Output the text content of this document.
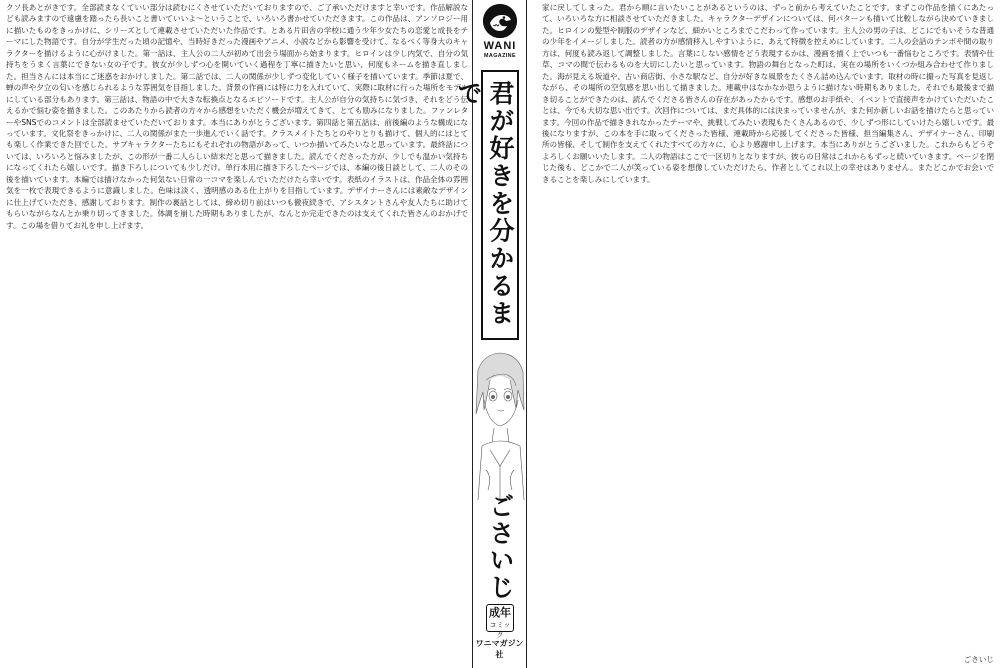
クソ長あとがきです。全部読まなくていい部分は読むにくさせていただいておりますので、ご了承いただけますと幸いです。作品解説なども読みますので遠慮を踏ったら長いこと書いていいよ〜ということで、いろいろ書かせていただきます。この作品は、アンソロジー用に描いたものをきっかけに、シリーズとして連載させていただいた作品です。とある片田舎の学校に通う少年少女たちの恋愛と成長をテーマにした物語です。自分が学生だった頃の記憶や、当時好きだった漫画やアニメ、小説などから影響を受けて、なるべく等身大のキャラクターを描けるように心がけました。第一話は、主人公の二人が初めて出会う場面から始まります。ヒロインは少し内気で、自分の気持ちをうまく言葉にできない女の子です。彼女が少しずつ心を開いていく過程を丁寧に描きたいと思い、何度もネームを描き直しました。担当さんには本当にご迷惑をおかけしました。第二話では、二人の関係が少しずつ変化していく様子を描いています。季節は夏で、蝉の声や夕立の匂いを感じられるような雰囲気を目指しました。背景の作画には特に力を入れていて、実際に取材に行った場所をモデルにしている部分もあります。第三話は、物語の中で大きな転換点となるエピソードです。主人公が自分の気持ちに気づき、それをどう伝えるかで悩む姿を描きました。このあたりから読者の方々から感想をいただく機会が増えてきて、とても励みになりました。ファンレターやSNSでのコメントは全部読ませていただいております。本当にありがとうございます。第四話と第五話は、前後編のような構成になっています。文化祭をきっかけに、二人の関係がまた一歩進んでいく話です。クラスメイトたちとのやりとりも描けて、個人的にはとても楽しく作業できた回でした。サブキャラクターたちにもそれぞれの物語があって、いつか描いてみたいなと思っています。最終話については、いろいろと悩みましたが、この形が一番二人らしい結末だと思って描きました。読んでくださった方が、少しでも温かい気持ちになってくれたら嬉しいです。描き下ろしについても少しだけ。単行本用に描き下ろしたページでは、本編の後日談として、二人のその後を描いています。本編では描けなかった何気ない日常の一コマを楽しんでいただけたら幸いです。表紙のイラストは、作品全体の雰囲気を一枚で表現できるように意識しました。色味は淡く、透明感のある仕上がりを目指しています。デザイナーさんには素敵なデザインに仕上げていただき、感謝しております。制作の裏話としては、締め切り前はいつも徹夜続きで、アシスタントさんや友人たちに助けてもらいながらなんとか乗り切ってきました。体調を崩した時期もありましたが、なんとか完走できたのは支えてくれた皆さんのおかげです。この場を借りてお礼を申し上げます。
WANI
MAGAZINE
君が好きを分かるま
ごさいじ
成年
コミック
ワニマガジン社
家に戻してしまった。君から順に言いたいことがあるというのは、ずっと前から考えていたことです。まずこの作品を描くにあたって、いろいろな方に相談させていただきました。キャラクターデザインについては、何パターンも描いて比較しながら決めていきました。ヒロインの髪型や制服のデザインなど、細かいところまでこだわって作っています。主人公の男の子は、どこにでもいそうな普通の少年をイメージしました。読者の方が感情移入しやすいように、あえて特徴を控えめにしています。二人の会話のテンポや間の取り方は、何度も読み返して調整しました。言葉にしない感情をどう表現するかは、漫画を描く上でいつも一番悩むところです。表情や仕草、コマの間で伝わるものを大切にしたいと思っています。物語の舞台となった町は、実在の場所をいくつか組み合わせて作りました。海が見える坂道や、古い商店街、小さな駅など、自分が好きな風景をたくさん詰め込んでいます。取材の時に撮った写真を見返しながら、その場所の空気感を思い出して描きました。連載中はなかなか思うように描けない時期もありました。それでも最後まで描き切ることができたのは、読んでくださる皆さんの存在があったからです。感想のお手紙や、イベントで直接声をかけていただいたことは、今でも大切な思い出です。次回作については、まだ具体的には決まっていませんが、また何か新しいお話を描けたらと思っています。今回の作品で描ききれなかったテーマや、挑戦してみたい表現もたくさんあるので、少しずつ形にしていけたら嬉しいです。最後になりますが、この本を手に取ってくださった皆様、連載時から応援してくださった皆様、担当編集さん、デザイナーさん、印刷所の皆様、そして制作を支えてくれたすべての方々に、心より感謝申し上げます。本当にありがとうございました。これからもどうぞよろしくお願いいたします。二人の物語はここで一区切りとなりますが、彼らの日常はこれからもずっと続いていきます。ページを閉じた後も、どこかで二人が笑っている姿を想像していただけたら、作者としてこれ以上の幸せはありません。またどこかでお会いできることを楽しみにしています。
ごさいじ
